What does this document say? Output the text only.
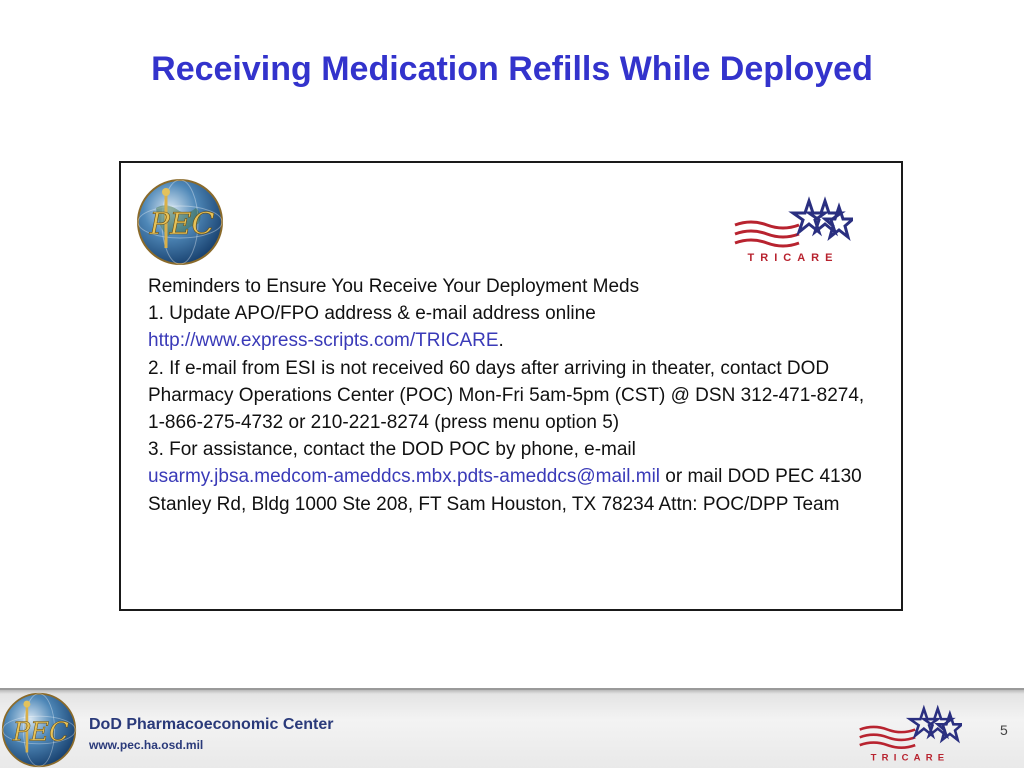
Receiving Medication Refills While Deployed
PEC
TRICARE

Reminders to Ensure You Receive Your Deployment Meds

1. Update APO/FPO address & e-mail address online
http://www.express-scripts.com/TRICARE.

2. If e-mail from ESI is not received 60 days after arriving in theater, contact DOD Pharmacy Operations Center (POC) Mon-Fri 5am-5pm (CST) @ DSN 312-471-8274, 1-866-275-4732 or 210-221-8274 (press menu option 5)

3. For assistance, contact the DOD POC by phone, e-mail
usarmy.jbsa.medcom-ameddcs.mbx.pdts-ameddcs@mail.mil or mail DOD PEC 4130 Stanley Rd, Bldg 1000 Ste 208, FT Sam Houston, TX 78234 Attn: POC/DPP Team

PEC DoD Pharmacoeconomic Center
www.pec.ha.osd.mil
TRICARE
5
